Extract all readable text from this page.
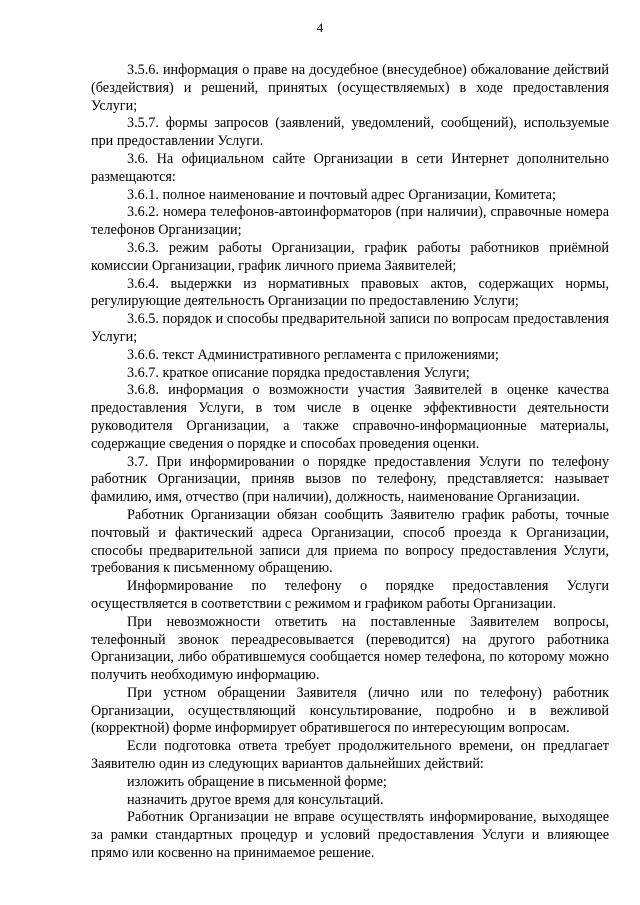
4

3.5.6. информация о праве на досудебное (внесудебное) обжалование действий (бездействия) и решений, принятых (осуществляемых) в ходе предоставления Услуги;

3.5.7. формы запросов (заявлений, уведомлений, сообщений), используемые при предоставлении Услуги.

3.6. На официальном сайте Организации в сети Интернет дополнительно размещаются:

3.6.1. полное наименование и почтовый адрес Организации, Комитета;

3.6.2. номера телефонов-автоинформаторов (при наличии), справочные номера телефонов Организации;

3.6.3. режим работы Организации, график работы работников приёмной комиссии Организации, график личного приема Заявителей;

3.6.4. выдержки из нормативных правовых актов, содержащих нормы, регулирующие деятельность Организации по предоставлению Услуги;

3.6.5. порядок и способы предварительной записи по вопросам предоставления Услуги;

3.6.6. текст Административного регламента с приложениями;

3.6.7. краткое описание порядка предоставления Услуги;

3.6.8. информация о возможности участия Заявителей в оценке качества предоставления Услуги, в том числе в оценке эффективности деятельности руководителя Организации, а также справочно-информационные материалы, содержащие сведения о порядке и способах проведения оценки.

3.7. При информировании о порядке предоставления Услуги по телефону работник Организации, приняв вызов по телефону, представляется: называет фамилию, имя, отчество (при наличии), должность, наименование Организации.

Работник Организации обязан сообщить Заявителю график работы, точные почтовый и фактический адреса Организации, способ проезда к Организации, способы предварительной записи для приема по вопросу предоставления Услуги, требования к письменному обращению.

Информирование по телефону о порядке предоставления Услуги осуществляется в соответствии с режимом и графиком работы Организации.

При невозможности ответить на поставленные Заявителем вопросы, телефонный звонок переадресовывается (переводится) на другого работника Организации, либо обратившемуся сообщается номер телефона, по которому можно получить необходимую информацию.

При устном обращении Заявителя (лично или по телефону) работник Организации, осуществляющий консультирование, подробно и в вежливой (корректной) форме информирует обратившегося по интересующим вопросам.

Если подготовка ответа требует продолжительного времени, он предлагает Заявителю один из следующих вариантов дальнейших действий:

изложить обращение в письменной форме;

назначить другое время для консультаций.

Работник Организации не вправе осуществлять информирование, выходящее за рамки стандартных процедур и условий предоставления Услуги и влияющее прямо или косвенно на принимаемое решение.
